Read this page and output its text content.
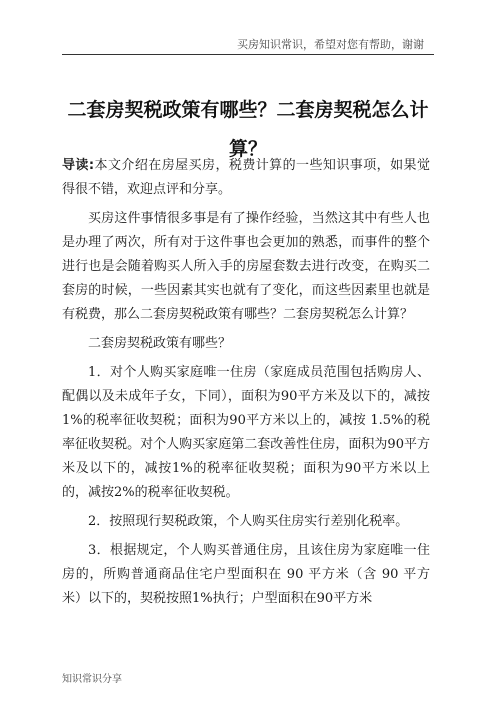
买房知识常识，希望对您有帮助，谢谢
二套房契税政策有哪些？二套房契税怎么计算？

导读:本文介绍在房屋买房，税费计算的一些知识事项，如果觉得很不错，欢迎点评和分享。

买房这件事情很多事是有了操作经验，当然这其中有些人也是办理了两次，所有对于这件事也会更加的熟悉，而事件的整个进行也是会随着购买人所入手的房屋套数去进行改变，在购买二套房的时候，一些因素其实也就有了变化，而这些因素里也就是有税费，那么二套房契税政策有哪些？二套房契税怎么计算？

二套房契税政策有哪些？

1．对个人购买家庭唯一住房（家庭成员范围包括购房人、配偶以及未成年子女，下同），面积为90平方米及以下的，减按1%的税率征收契税；面积为90平方米以上的，减按 1.5%的税率征收契税。对个人购买家庭第二套改善性住房，面积为90平方米及以下的，减按1%的税率征收契税；面积为90平方米以上的，减按2%的税率征收契税。

2．按照现行契税政策，个人购买住房实行差别化税率。

3．根据规定，个人购买普通住房，且该住房为家庭唯一住房的，所购普通商品住宅户型面积在 90 平方米（含 90 平方米）以下的，契税按照1%执行；户型面积在90平方米

知识常识分享
